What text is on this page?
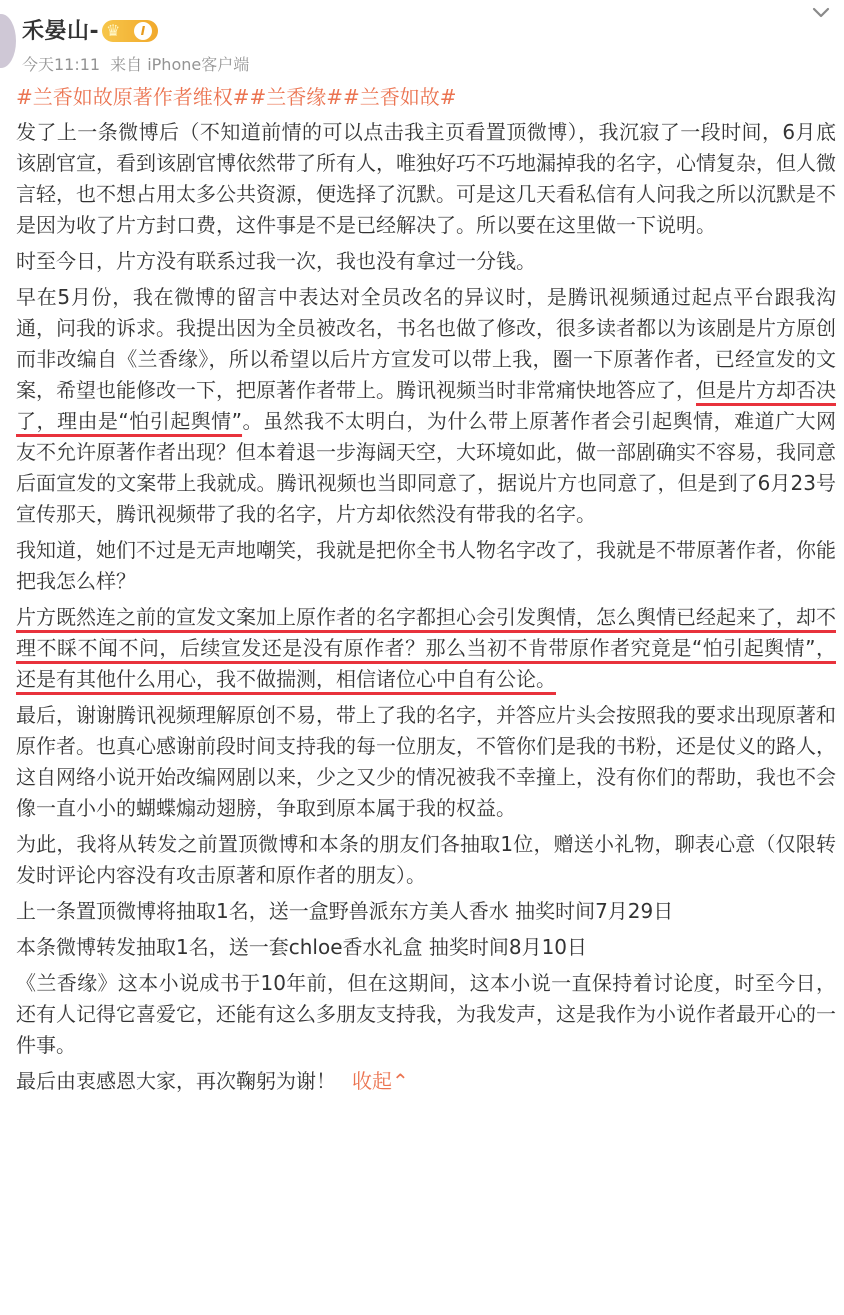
禾晏山- ♛	I
今天11:11 来自 iPhone客户端

#兰香如故原著作者维权##兰香缘##兰香如故#

发了上一条微博后（不知道前情的可以点击我主页看置顶微博），我沉寂了一段时间，6月底该剧官宣，看到该剧官博依然带了所有人，唯独好巧不巧地漏掉我的名字，心情复杂，但人微言轻，也不想占用太多公共资源，便选择了沉默。可是这几天看私信有人问我之所以沉默是不是因为收了片方封口费，这件事是不是已经解决了。所以要在这里做一下说明。

时至今日，片方没有联系过我一次，我也没有拿过一分钱。

早在5月份，我在微博的留言中表达对全员改名的异议时，是腾讯视频通过起点平台跟我沟通，问我的诉求。我提出因为全员被改名，书名也做了修改，很多读者都以为该剧是片方原创而非改编自《兰香缘》，所以希望以后片方宣发可以带上我，圈一下原著作者，已经宣发的文案，希望也能修改一下，把原著作者带上。腾讯视频当时非常痛快地答应了，但是片方却否决了，理由是“怕引起舆情”。虽然我不太明白，为什么带上原著作者会引起舆情，难道广大网友不允许原著作者出现？但本着退一步海阔天空，大环境如此，做一部剧确实不容易，我同意后面宣发的文案带上我就成。腾讯视频也当即同意了，据说片方也同意了，但是到了6月23号宣传那天，腾讯视频带了我的名字，片方却依然没有带我的名字。

我知道，她们不过是无声地嘲笑，我就是把你全书人物名字改了，我就是不带原著作者，你能把我怎么样？

片方既然连之前的宣发文案加上原作者的名字都担心会引发舆情，怎么舆情已经起来了，却不理不睬不闻不问，后续宣发还是没有原作者？那么当初不肯带原作者究竟是“怕引起舆情”，还是有其他什么用心，我不做揣测，相信诸位心中自有公论。

最后，谢谢腾讯视频理解原创不易，带上了我的名字，并答应片头会按照我的要求出现原著和原作者。也真心感谢前段时间支持我的每一位朋友，不管你们是我的书粉，还是仗义的路人，这自网络小说开始改编网剧以来，少之又少的情况被我不幸撞上，没有你们的帮助，我也不会像一直小小的蝴蝶煽动翅膀，争取到原本属于我的权益。

为此，我将从转发之前置顶微博和本条的朋友们各抽取1位，赠送小礼物，聊表心意（仅限转发时评论内容没有攻击原著和原作者的朋友）。

上一条置顶微博将抽取1名，送一盒野兽派东方美人香水 抽奖时间7月29日

本条微博转发抽取1名，送一套chloe香水礼盒 抽奖时间8月10日

《兰香缘》这本小说成书于10年前，但在这期间，这本小说一直保持着讨论度，时至今日，还有人记得它喜爱它，还能有这么多朋友支持我，为我发声，这是我作为小说作者最开心的一件事。

最后由衷感恩大家，再次鞠躬为谢！ 收起⌃
